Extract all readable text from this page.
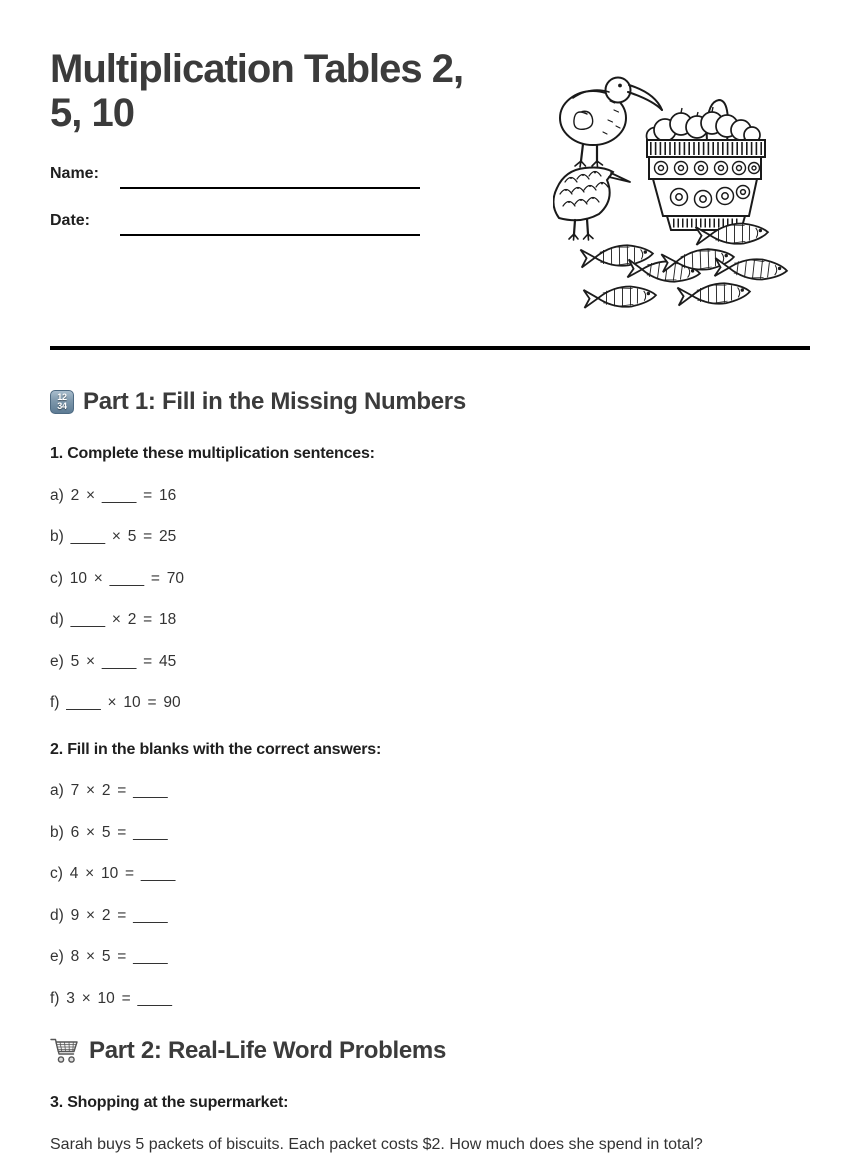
Multiplication Tables 2,
5, 10
Name:
Date:
12
34 Part 1: Fill in the Missing Numbers

1. Complete these multiplication sentences:

a) 2 × ____ = 16

b) ____ × 5 = 25

c) 10 × ____ = 70

d) ____ × 2 = 18

e) 5 × ____ = 45

f) ____ × 10 = 90

2. Fill in the blanks with the correct answers:

a) 7 × 2 = ____

b) 6 × 5 = ____

c) 4 × 10 = ____

d) 9 × 2 = ____

e) 8 × 5 = ____

f) 3 × 10 = ____

Part 2: Real-Life Word Problems

3. Shopping at the supermarket:

Sarah buys 5 packets of biscuits. Each packet costs $2. How much does she spend in total?
